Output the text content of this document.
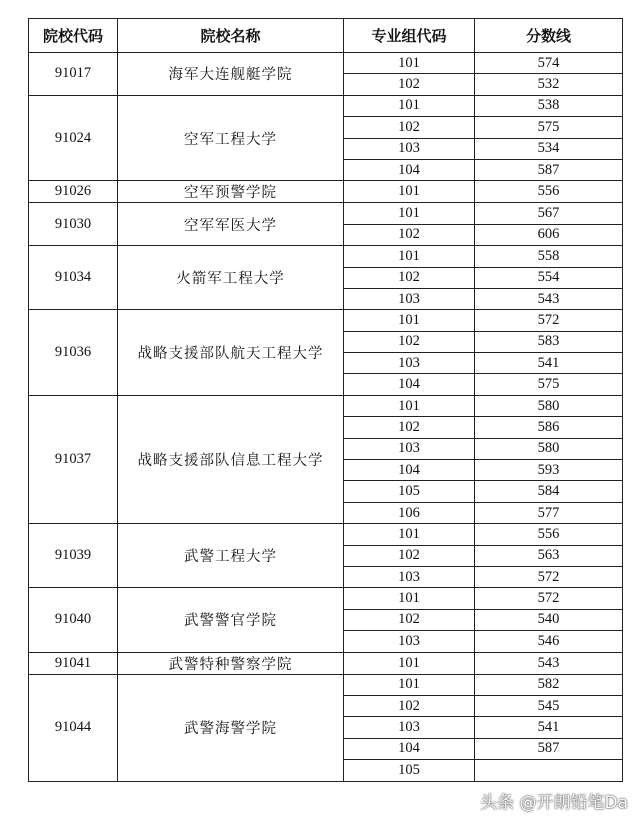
院校代码	院校名称	专业组代码	分数线
91017	海军大连舰艇学院	101	574
		102	532
91024	空军工程大学	101	538
		102	575
		103	534
		104	587
91026	空军预警学院	101	556
91030	空军军医大学	101	567
		102	606
91034	火箭军工程大学	101	558
		102	554
		103	543
91036	战略支援部队航天工程大学	101	572
		102	583
		103	541
		104	575
91037	战略支援部队信息工程大学	101	580
		102	586
		103	580
		104	593
		105	584
		106	577
91039	武警工程大学	101	556
		102	563
		103	572
91040	武警警官学院	101	572
		102	540
		103	546
91041	武警特种警察学院	101	543
91044	武警海警学院	101	582
		102	545
		103	541
		104	587
		105	
头条 @开朗铅笔Da
